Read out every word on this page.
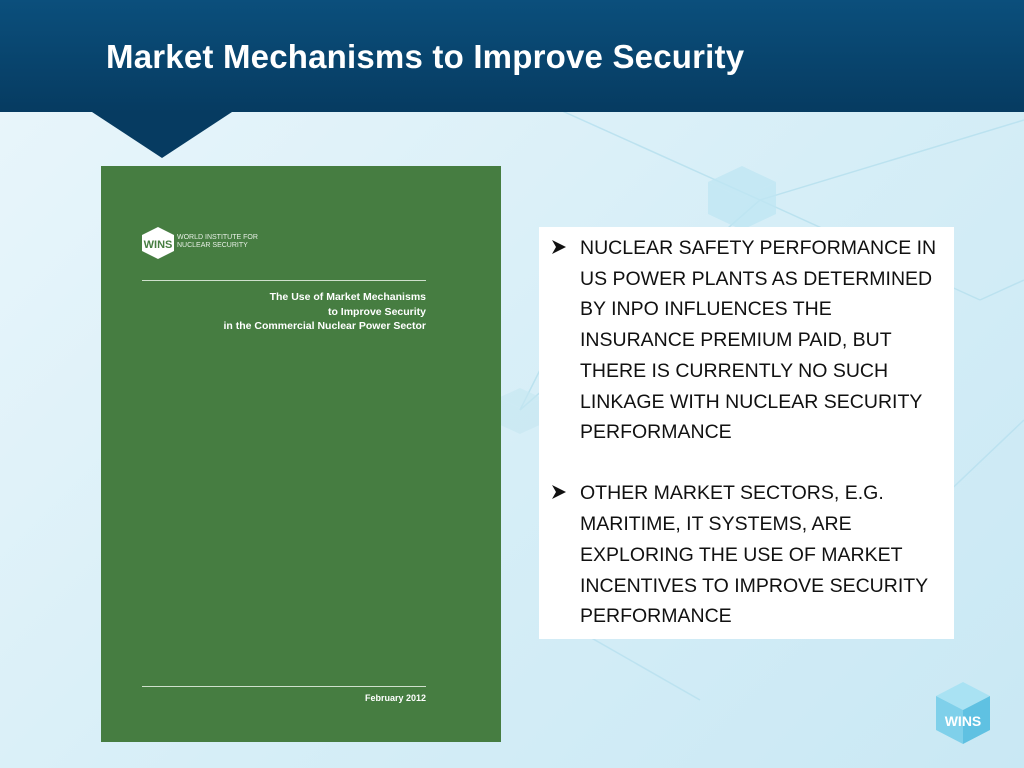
Market Mechanisms to Improve Security
WINS
WORLD INSTITUTE FOR
NUCLEAR SECURITY
The Use of Market Mechanisms
to Improve Security
in the Commercial Nuclear Power Sector
February 2012
NUCLEAR SAFETY PERFORMANCE IN US POWER PLANTS AS DETERMINED BY INPO INFLUENCES THE INSURANCE PREMIUM PAID, BUT THERE IS CURRENTLY NO SUCH LINKAGE WITH NUCLEAR SECURITY PERFORMANCE
OTHER MARKET SECTORS, E.G. MARITIME, IT SYSTEMS, ARE EXPLORING THE USE OF MARKET INCENTIVES TO IMPROVE SECURITY PERFORMANCE
WINS
